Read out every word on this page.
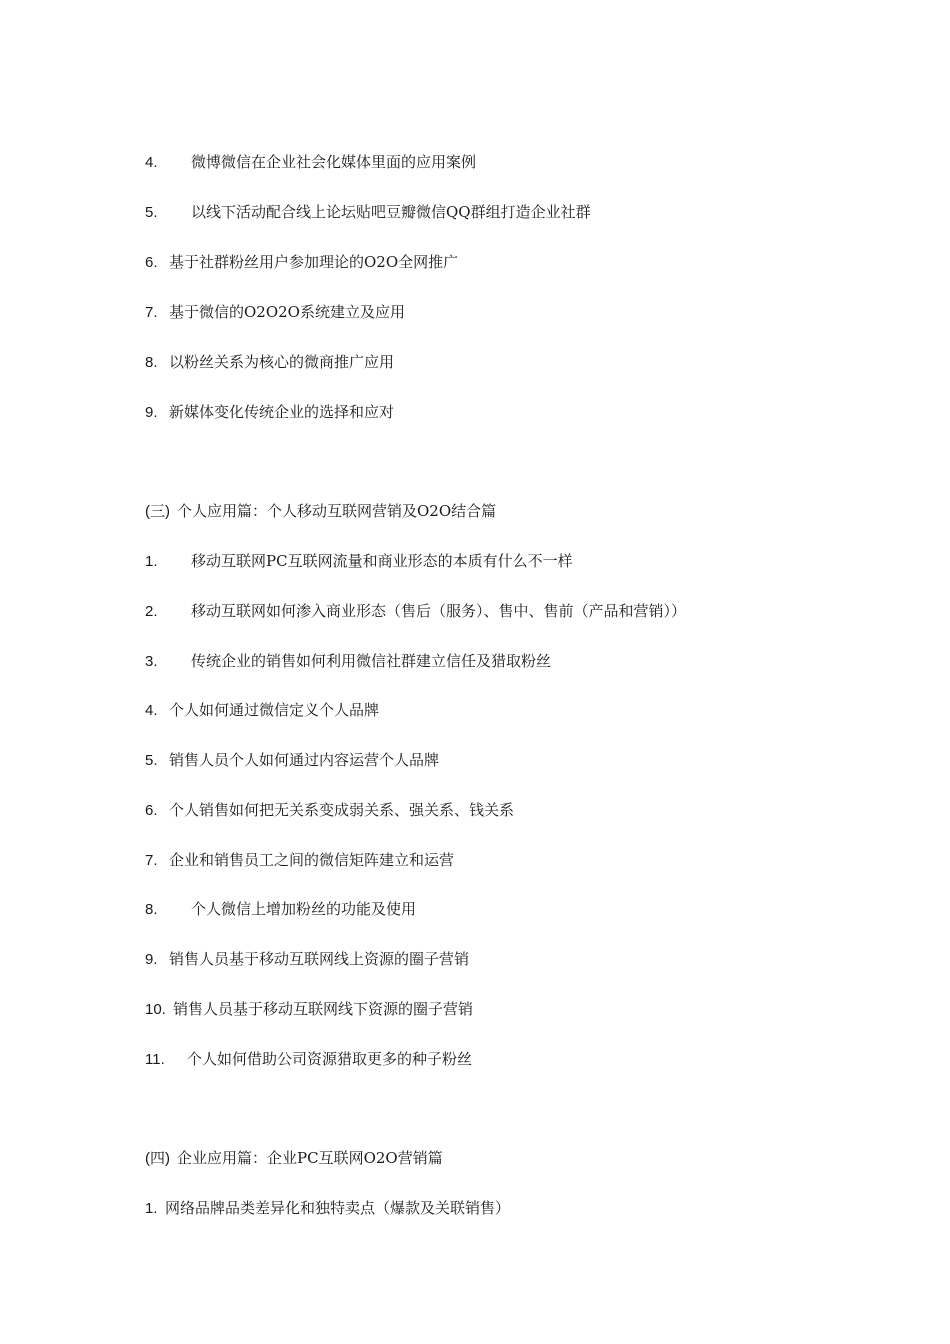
4. 微博微信在企业社会化媒体里面的应用案例
5. 以线下活动配合线上论坛贴吧豆瓣微信QQ群组打造企业社群
6. 基于社群粉丝用户参加理论的O2O全网推广
7. 基于微信的O2O2O系统建立及应用
8. 以粉丝关系为核心的微商推广应用
9. 新媒体变化传统企业的选择和应对
(三) 个人应用篇：个人移动互联网营销及O2O结合篇
1. 移动互联网PC互联网流量和商业形态的本质有什么不一样
2. 移动互联网如何渗入商业形态（售后（服务）、售中、售前（产品和营销））
3. 传统企业的销售如何利用微信社群建立信任及猎取粉丝
4. 个人如何通过微信定义个人品牌
5. 销售人员个人如何通过内容运营个人品牌
6. 个人销售如何把无关系变成弱关系、强关系、钱关系
7. 企业和销售员工之间的微信矩阵建立和运营
8. 个人微信上增加粉丝的功能及使用
9. 销售人员基于移动互联网线上资源的圈子营销
10. 销售人员基于移动互联网线下资源的圈子营销
11. 个人如何借助公司资源猎取更多的种子粉丝
(四) 企业应用篇：企业PC互联网O2O营销篇
1. 网络品牌品类差异化和独特卖点（爆款及关联销售）
